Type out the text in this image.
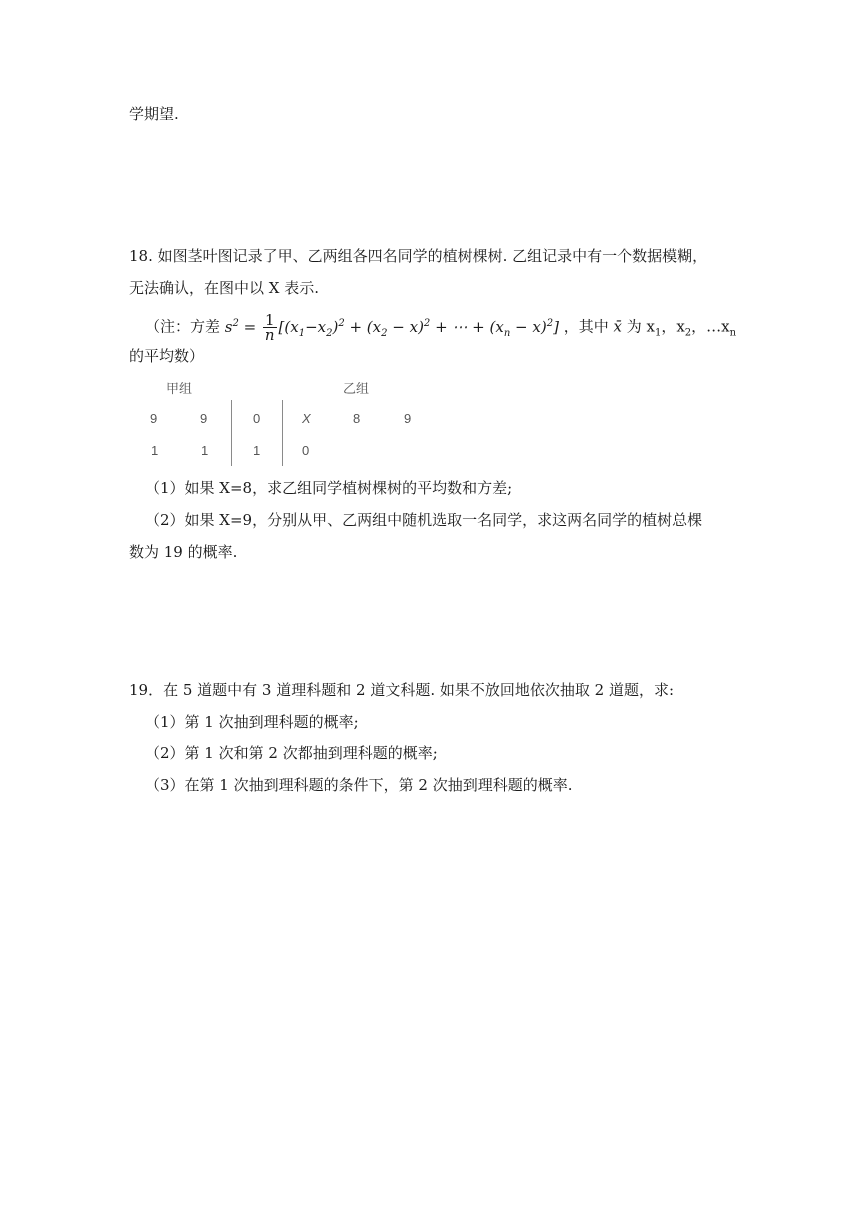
学期望.
18. 如图茎叶图记录了甲、乙两组各四名同学的植树棵树. 乙组记录中有一个数据模糊，
无法确认，在图中以 X 表示.
（注：方差 $s^2 = \frac{1}{n} [(x_1-x_2)^2 + (x_2 - x)^2$ + ⋯ + $(x_n - x)^2$] ，其中 x̄ 为 $x_1$，$x_2$，$\dots x_n$
的平均数）
甲组	乙组
9	9	0	X	8	9
1	1	1	0
（1）如果 X=8，求乙组同学植树棵树的平均数和方差;
（2）如果 X=9，分别从甲、乙两组中随机选取一名同学，求这两名同学的植树总棵
数为 19 的概率.
19．在 5 道题中有 3 道理科题和 2 道文科题. 如果不放回地依次抽取 2 道题，求:
（1）第 1 次抽到理科题的概率;
（2）第 1 次和第 2 次都抽到理科题的概率;
（3）在第 1 次抽到理科题的条件下，第 2 次抽到理科题的概率.
